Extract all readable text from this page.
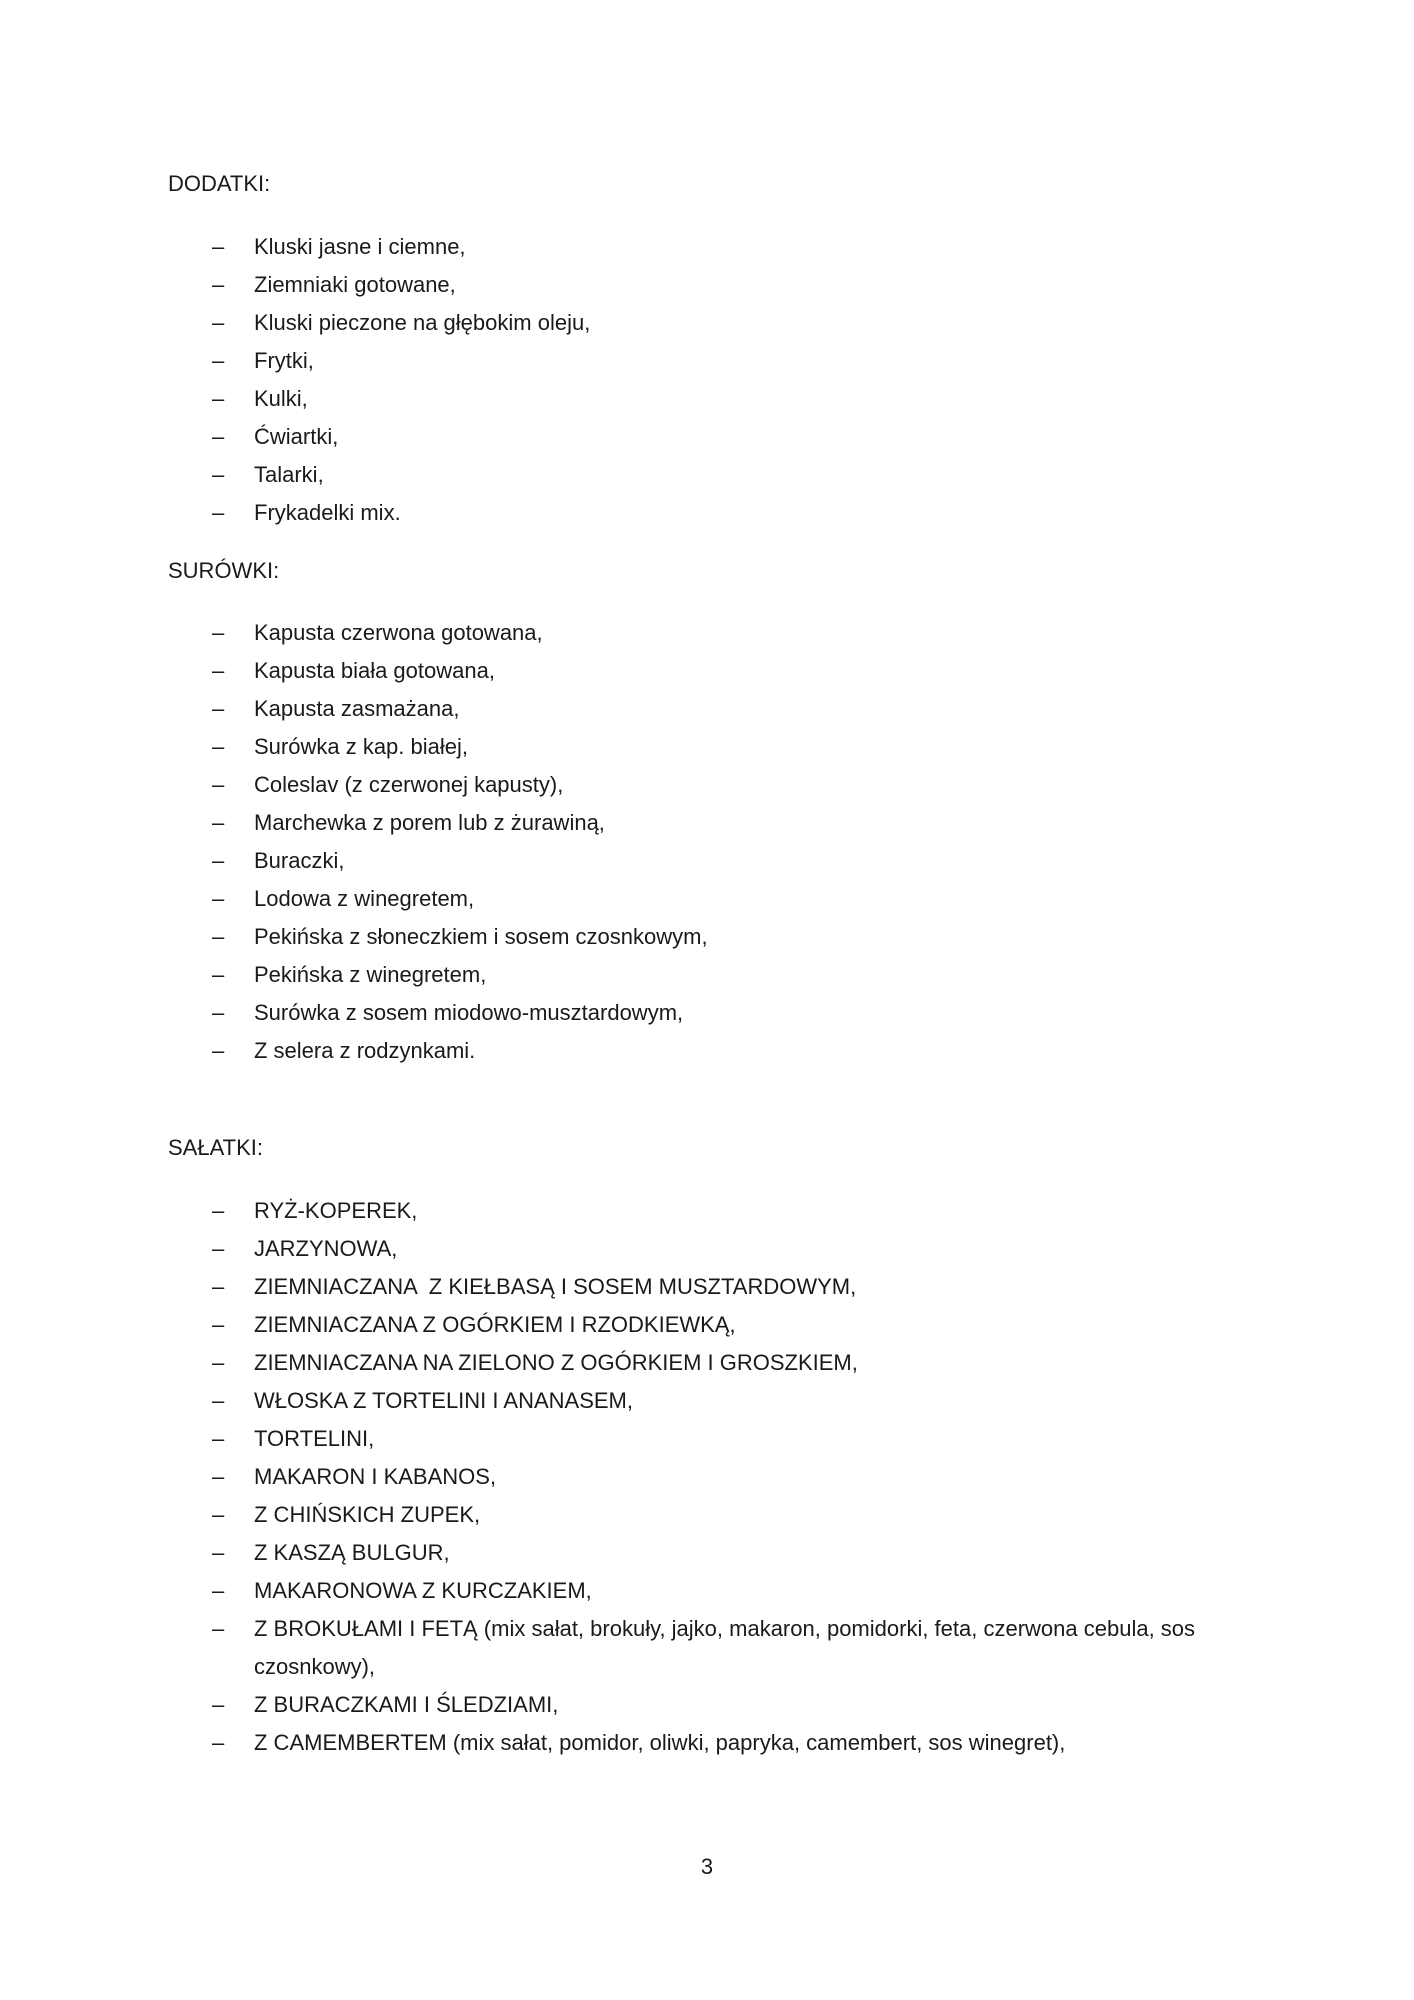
DODATKI:
–	Kluski jasne i ciemne,
–	Ziemniaki gotowane,
–	Kluski pieczone na głębokim oleju,
–	Frytki,
–	Kulki,
–	Ćwiartki,
–	Talarki,
–	Frykadelki mix.
SURÓWKI:
–	Kapusta czerwona gotowana,
–	Kapusta biała gotowana,
–	Kapusta zasmażana,
–	Surówka z kap. białej,
–	Coleslav (z czerwonej kapusty),
–	Marchewka z porem lub z żurawiną,
–	Buraczki,
–	Lodowa z winegretem,
–	Pekińska z słoneczkiem i sosem czosnkowym,
–	Pekińska z winegretem,
–	Surówka z sosem miodowo-musztardowym,
–	Z selera z rodzynkami.
SAŁATKI:
–	RYŻ-KOPEREK,
–	JARZYNOWA,
–	ZIEMNIACZANA  Z KIEŁBASĄ I SOSEM MUSZTARDOWYM,
–	ZIEMNIACZANA Z OGÓRKIEM I RZODKIEWKĄ,
–	ZIEMNIACZANA NA ZIELONO Z OGÓRKIEM I GROSZKIEM,
–	WŁOSKA Z TORTELINI I ANANASEM,
–	TORTELINI,
–	MAKARON I KABANOS,
–	Z CHIŃSKICH ZUPEK,
–	Z KASZĄ BULGUR,
–	MAKARONOWA Z KURCZAKIEM,
–	Z BROKUŁAMI I FETĄ (mix sałat, brokuły, jajko, makaron, pomidorki, feta, czerwona cebula, sos czosnkowy),
–	Z BURACZKAMI I ŚLEDZIAMI,
–	Z CAMEMBERTEM (mix sałat, pomidor, oliwki, papryka, camembert, sos winegret),
3
